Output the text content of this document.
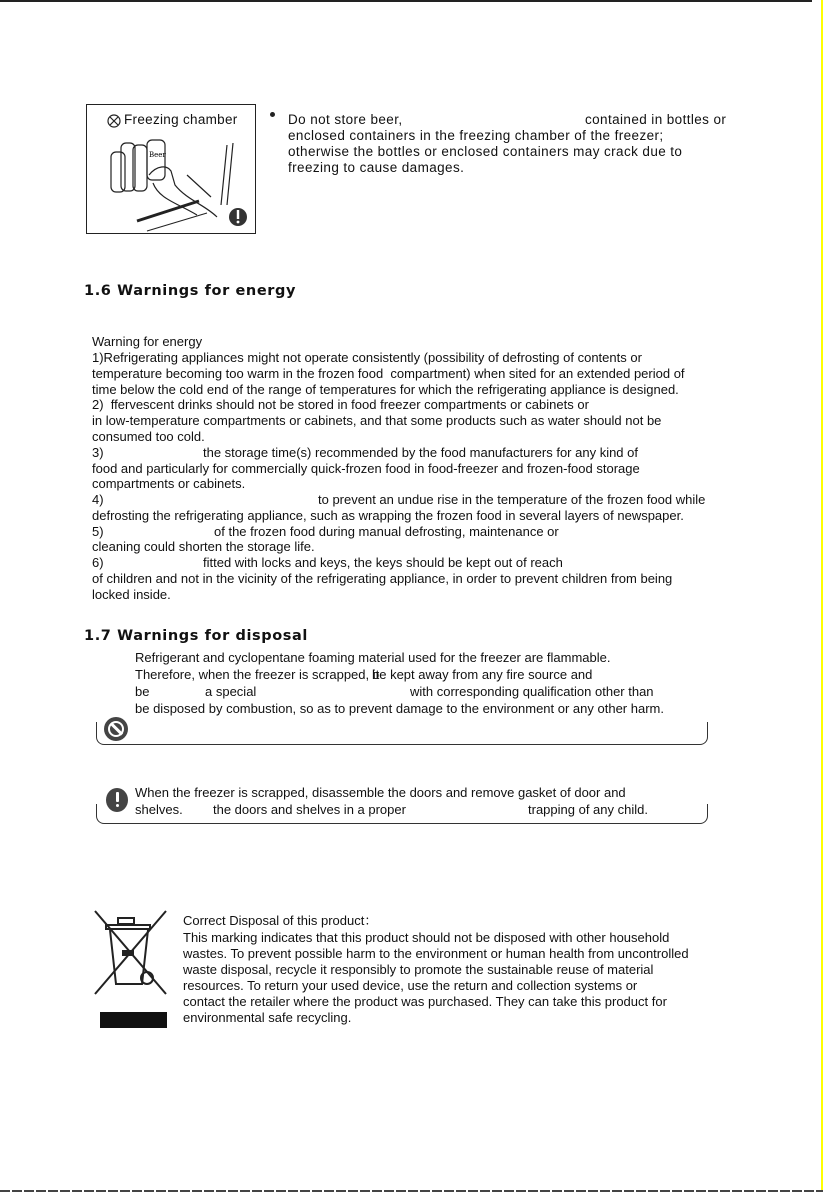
Beer
Freezing chamber	Do not store beer,	contained in bottles or
enclosed containers in the freezing chamber of the freezer;
otherwise the bottles or enclosed containers may crack due to
freezing to cause damages.
1.6 Warnings for energy
Warning for energy
1)Refrigerating appliances might not operate consistently (possibility of defrosting of contents or
temperature becoming too warm in the frozen food  compartment) when sited for an extended period of
time below the cold end of the range of temperatures for which the refrigerating appliance is designed.
2)  ffervescent drinks should not be stored in food freezer compartments or cabinets or
in low-temperature compartments or cabinets, and that some products such as water should not be
consumed too cold.
3)	the storage time(s) recommended by the food manufacturers for any kind of
food and particularly for commercially quick-frozen food in food-freezer and frozen-food storage
compartments or cabinets.
4)	to prevent an undue rise in the temperature of the frozen food while
defrosting the refrigerating appliance, such as wrapping the frozen food in several layers of newspaper.
5)	of the frozen food during manual defrosting, maintenance or
cleaning could shorten the storage life.
6)	fitted with locks and keys, the keys should be kept out of reach
of children and not in the vicinity of the refrigerating appliance, in order to prevent children from being
locked inside.
1.7 Warnings for disposal
Refrigerant and cyclopentane foaming material used for the freezer are flammable.
Therefore, when the freezer is scrapped, it
be kept away from any fire source and
be	a special	with corresponding qualification other than
be disposed by combustion, so as to prevent damage to the environment or any other harm.
When the freezer is scrapped, disassemble the doors and remove gasket of door and
shelves. the doors and shelves in a proper	trapping of any child.
Correct Disposal of this product：
This marking indicates that this product should not be disposed with other household
wastes. To prevent possible harm to the environment or human health from uncontrolled
waste disposal, recycle it responsibly to promote the sustainable reuse of material
resources. To return your used device, use the return and collection systems or
contact the retailer where the product was purchased. They can take this product for
environmental safe recycling.
